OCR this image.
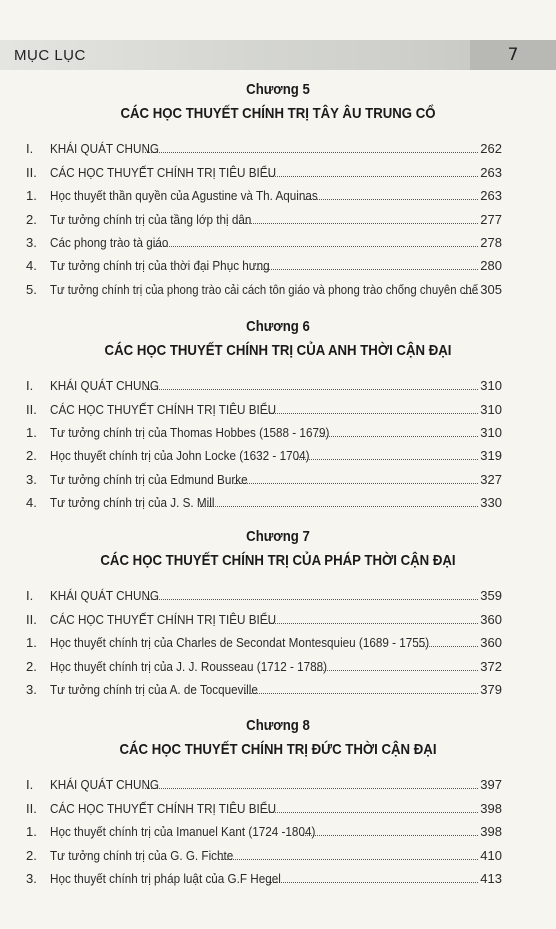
MỤC LỤC	7
Chương 5
CÁC HỌC THUYẾT CHÍNH TRỊ TÂY ÂU TRUNG CỔ
I. KHÁI QUÁT CHUNG	262
II. CÁC HỌC THUYẾT CHÍNH TRỊ TIÊU BIỂU	263
1. Học thuyết thần quyền của Agustine và Th. Aquinas	263
2. Tư tưởng chính trị của tầng lớp thị dân	277
3. Các phong trào tà giáo	278
4. Tư tưởng chính trị của thời đại Phục hưng	280
5. Tư tưởng chính trị của phong trào cải cách tôn giáo và phong trào chống chuyên chế 305
Chương 6
CÁC HỌC THUYẾT CHÍNH TRỊ CỦA ANH THỜI CẬN ĐẠI
I. KHÁI QUÁT CHUNG	310
II. CÁC HỌC THUYẾT CHÍNH TRỊ TIÊU BIỂU	310
1. Tư tưởng chính trị của Thomas Hobbes (1588 - 1679)	310
2. Học thuyết chính trị của John Locke (1632 - 1704)	319
3. Tư tưởng chính trị của Edmund Burke	327
4. Tư tưởng chính trị của J. S. Mill	330
Chương 7
CÁC HỌC THUYẾT CHÍNH TRỊ CỦA PHÁP THỜI CẬN ĐẠI
I. KHÁI QUÁT CHUNG	359
II. CÁC HỌC THUYẾT CHÍNH TRỊ TIÊU BIỂU	360
1. Học thuyết chính trị của Charles de Secondat Montesquieu (1689 - 1755)	360
2. Học thuyết chính trị của J. J. Rousseau (1712 - 1788)	372
3. Tư tưởng chính trị của A. de Tocqueville	379
Chương 8
CÁC HỌC THUYẾT CHÍNH TRỊ ĐỨC THỜI CẬN ĐẠI
I. KHÁI QUÁT CHUNG	397
II. CÁC HỌC THUYẾT CHÍNH TRỊ TIÊU BIỂU	398
1. Học thuyết chính trị của Imanuel Kant (1724 -1804)	398
2. Tư tưởng chính trị của G. G. Fichte	410
3. Học thuyết chính trị pháp luật của G.F Hegel	413
